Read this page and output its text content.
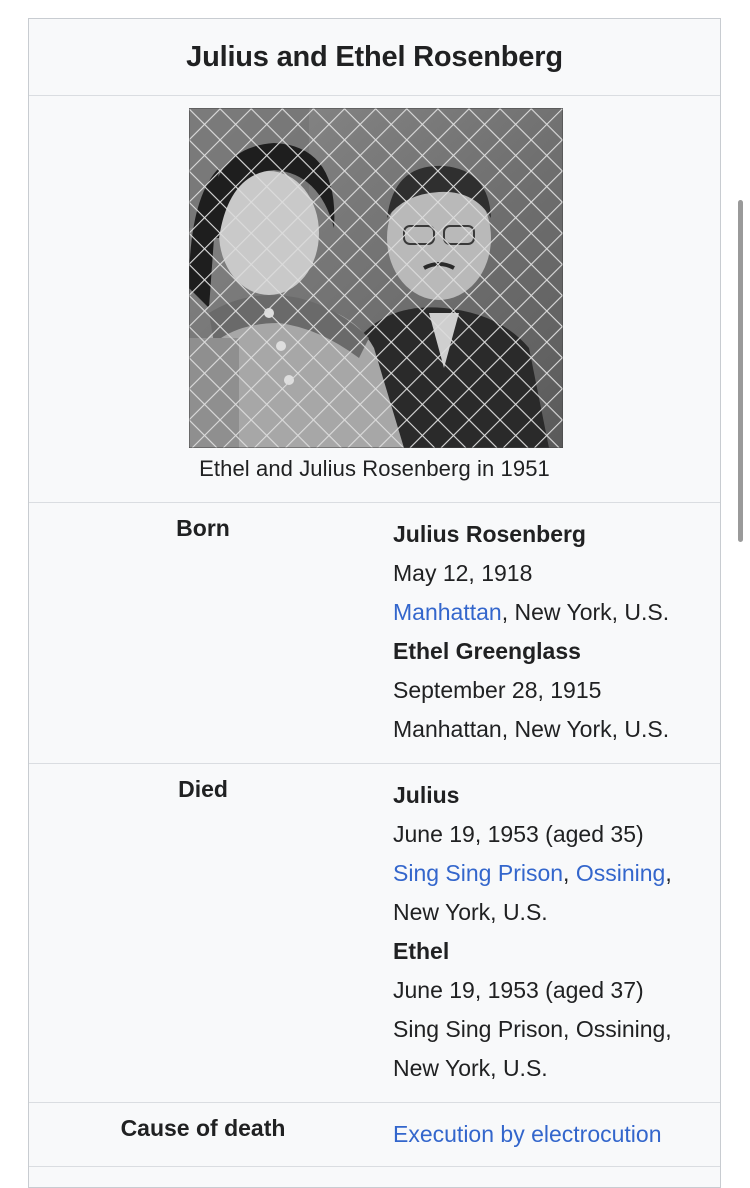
Julius and Ethel Rosenberg
Ethel and Julius Rosenberg in 1951
Born	Julius Rosenberg
May 12, 1918
Manhattan, New York, U.S.
Ethel Greenglass
September 28, 1915
Manhattan, New York, U.S.
Died	Julius
June 19, 1953 (aged 35)
Sing Sing Prison, Ossining,
New York, U.S.
Ethel
June 19, 1953 (aged 37)
Sing Sing Prison, Ossining,
New York, U.S.
Cause of death	Execution by electrocution
